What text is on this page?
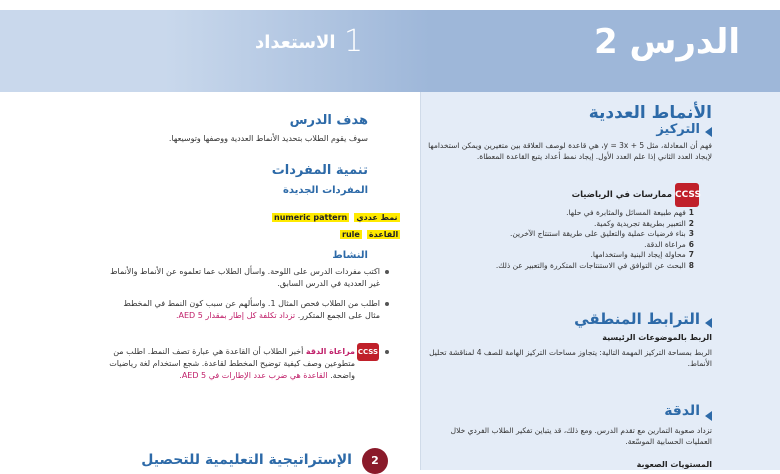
الدرس 2
1
الاستعداد
الأنماط العددية
التركيز
فهم أن المعادلة، مثل y = 3x + 5، هي قاعدة لوصف العلاقة بين متغيرين ويمكن استخدامها لإيجاد العدد الثاني إذا علم العدد الأول. إيجاد نمط أعداد يتبع القاعدة المعطاة.
CCSS
ممارسات في الرياضيات
1فهم طبيعة المسائل والمثابرة في حلها.
2التعبير بطريقة تجريدية وكمية.
3بناء فرضيات عملية والتعليق على طريقة استنتاج الآخرين.
6مراعاة الدقة.
7محاولة إيجاد البنية واستخدامها.
8البحث عن التوافق في الاستنتاجات المتكررة والتعبير عن ذلك.
الترابط المنطقي
الربط بالموضوعات الرئيسية
الربط بمساحة التركيز المهمة التالية: يتجاوز مساحات التركيز الهامة للصف 4 لمناقشة تحليل الأنماط.
الدقة
تزداد صعوبة التمارين مع تقدم الدرس. ومع ذلك، قد يتباين تفكير الطلاب الفردي خلال العمليات الحسابية الموسّعة.
المستويات الصعوبة
هدف الدرس
سوف يقوم الطلاب بتحديد الأنماط العددية ووصفها وتوسيعها.
تنمية المفردات
المفردات الجديدة
numeric pattern نمط عددي
rule القاعدة
النشاط
اكتب مفردات الدرس على اللوحة. واسأل الطلاب عما تعلموه عن الأنماط والأنماط غير العددية في الدرس السابق.
اطلب من الطلاب فحص المثال 1. واسألهم عن سبب كون النمط في المخطط مثال على الجمع المتكرر. تزداد تكلفة كل إطار بمقدار AED 5.
CCSS
مراعاة الدقة أخبر الطلاب أن القاعدة هي عبارة تصف النمط. اطلب من متطوعين وصف كيفية توضيح المخطط لقاعدة. شجع استخدام لغة رياضيات واضحة. القاعدة هي ضرب عدد الإطارات في AED 5.
2
الإستراتيجية التعليمية للتحصيل
